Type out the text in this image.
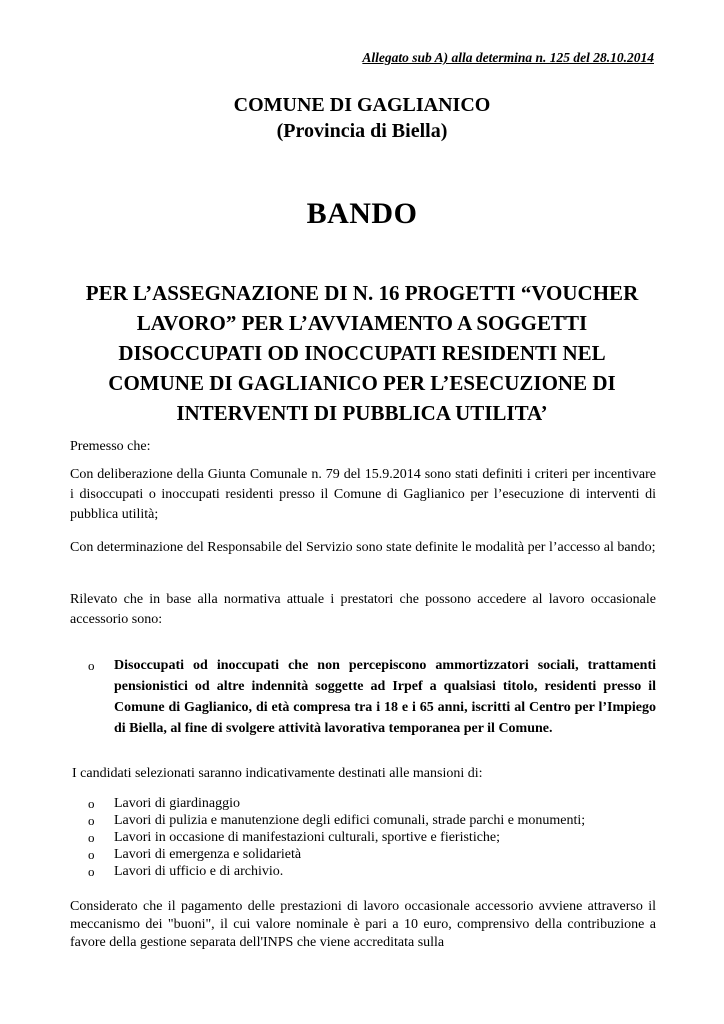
Allegato sub A) alla determina n. 125 del 28.10.2014
COMUNE DI GAGLIANICO
(Provincia di Biella)
BANDO
PER L’ASSEGNAZIONE DI N. 16 PROGETTI “VOUCHER
LAVORO” PER L’AVVIAMENTO A SOGGETTI
DISOCCUPATI OD INOCCUPATI RESIDENTI NEL
COMUNE DI GAGLIANICO PER L’ESECUZIONE DI
INTERVENTI DI PUBBLICA UTILITA’
Premesso che:
Con deliberazione della Giunta Comunale n. 79 del 15.9.2014 sono stati definiti i criteri per incentivare i disoccupati o inoccupati residenti presso il Comune di Gaglianico per l’esecuzione di interventi di pubblica utilità;
Con determinazione del Responsabile del Servizio sono state definite le modalità per l’accesso al bando;
Rilevato che in base alla normativa attuale i prestatori che possono accedere al lavoro occasionale accessorio sono:
o Disoccupati od inoccupati che non percepiscono ammortizzatori sociali, trattamenti pensionistici od altre indennità soggette ad Irpef a qualsiasi titolo, residenti presso il Comune di Gaglianico, di età compresa tra i 18 e i 65 anni, iscritti al Centro per l’Impiego di Biella, al fine di svolgere attività lavorativa temporanea per il Comune.
I candidati selezionati saranno indicativamente destinati alle mansioni di:
o Lavori di giardinaggio
o Lavori di pulizia e manutenzione degli edifici comunali, strade parchi e monumenti;
o Lavori in occasione di manifestazioni culturali, sportive e fieristiche;
o Lavori di emergenza e solidarietà
o Lavori di ufficio e di archivio.
Considerato che il pagamento delle prestazioni di lavoro occasionale accessorio avviene attraverso il meccanismo dei "buoni", il cui valore nominale è pari a 10 euro, comprensivo della contribuzione a favore della gestione separata dell'INPS che viene accreditata sulla
